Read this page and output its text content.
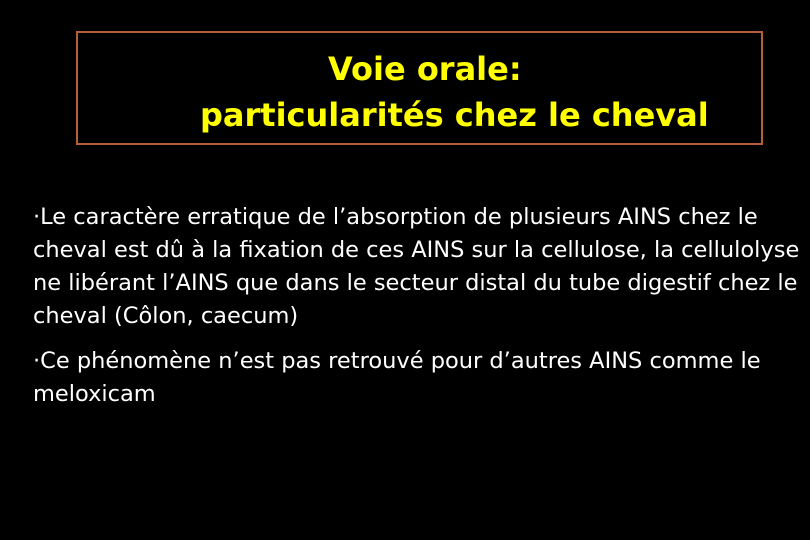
Voie orale:
particularités chez le cheval
·Le caractère erratique de l’absorption de plusieurs AINS chez le cheval est dû à la fixation de ces AINS sur la cellulose, la cellulolyse ne libérant l’AINS que dans le secteur distal du tube digestif chez le cheval (Côlon, caecum)
·Ce phénomène n’est pas retrouvé pour d’autres AINS comme le meloxicam
